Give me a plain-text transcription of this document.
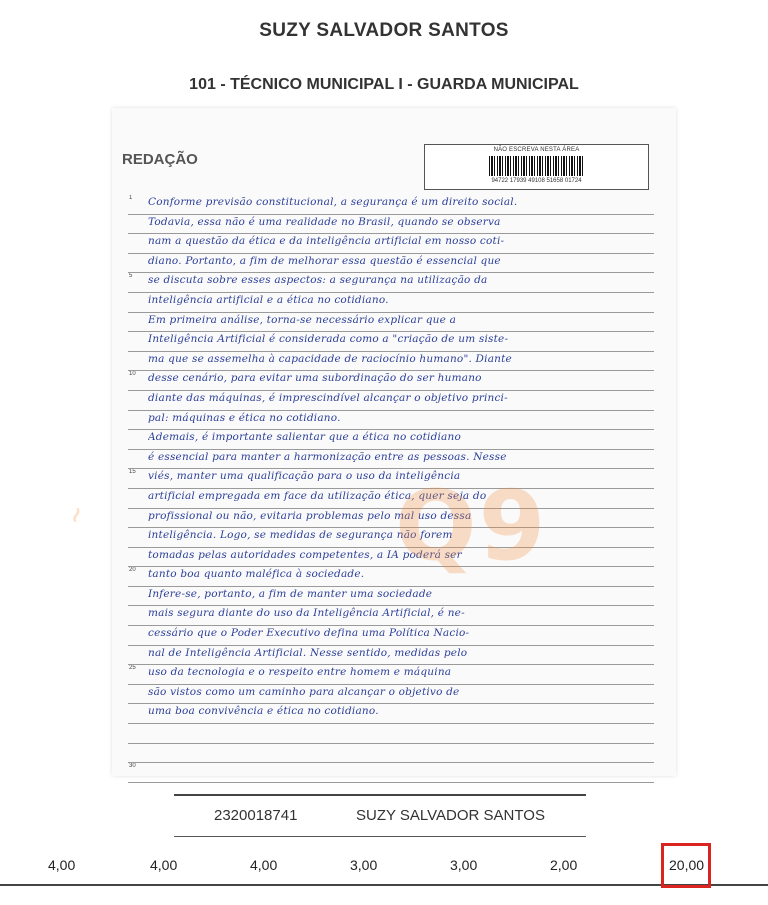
SUZY SALVADOR SANTOS
101 - TÉCNICO MUNICIPAL I - GUARDA MUNICIPAL
REDAÇÃO
NÃO ESCREVA NESTA ÁREA
94722 17939 49108 51658 01724
1 Conforme previsão constitucional, a segurança é um direito social.
Todavia, essa não é uma realidade no Brasil, quando se observa
nam a questão da ética e da inteligência artificial em nosso coti-
diano. Portanto, a fim de melhorar essa questão é essencial que
5 se discuta sobre esses aspectos: a segurança na utilização da
inteligência artificial e a ética no cotidiano.
Em primeira análise, torna-se necessário explicar que a
Inteligência Artificial é considerada como a "criação de um siste-
ma que se assemelha à capacidade de raciocínio humano". Diante
10 desse cenário, para evitar uma subordinação do ser humano
diante das máquinas, é imprescindível alcançar o objetivo princi-
pal: máquinas e ética no cotidiano.
Ademais, é importante salientar que a ética no cotidiano
é essencial para manter a harmonização entre as pessoas. Nesse
15 viés, manter uma qualificação para o uso da inteligência
artificial empregada em face da utilização ética, quer seja do
profissional ou não, evitaria problemas pelo mal uso dessa
inteligência. Logo, se medidas de segurança não forem
tomadas pelas autoridades competentes, a IA poderá ser
20 tanto boa quanto maléfica à sociedade.
Infere-se, portanto, a fim de manter uma sociedade
mais segura diante do uso da Inteligência Artificial, é ne-
cessário que o Poder Executivo defina uma Política Nacio-
nal de Inteligência Artificial. Nesse sentido, medidas pelo
25 uso da tecnologia e o respeito entre homem e máquina
são vistos como um caminho para alcançar o objetivo de
uma boa convivência e ética no cotidiano.
30
Q9
~
2320018741	SUZY SALVADOR SANTOS
4,00	4,00	4,00	3,00	3,00	2,00	20,00
